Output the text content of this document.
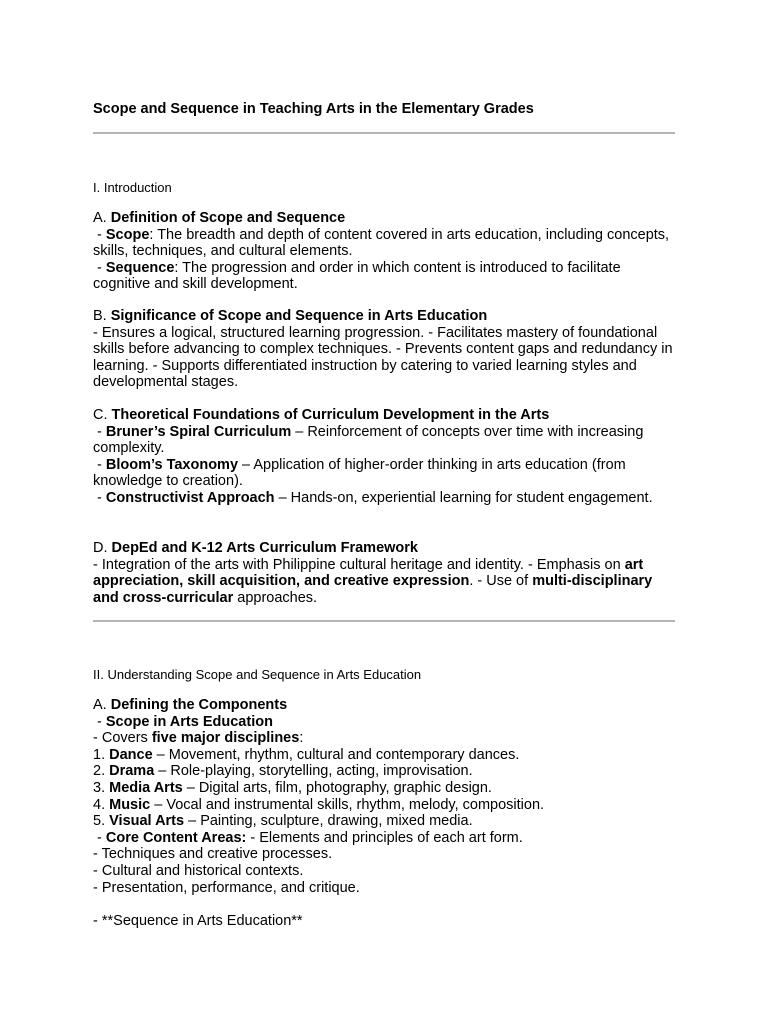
Scope and Sequence in Teaching Arts in the Elementary Grades
I. Introduction

A. Definition of Scope and Sequence

- Scope: The breadth and depth of content covered in arts education, including concepts, skills, techniques, and cultural elements.

- Sequence: The progression and order in which content is introduced to facilitate cognitive and skill development.

B. Significance of Scope and Sequence in Arts Education

- Ensures a logical, structured learning progression. - Facilitates mastery of foundational skills before advancing to complex techniques. - Prevents content gaps and redundancy in learning. - Supports differentiated instruction by catering to varied learning styles and developmental stages.

C. Theoretical Foundations of Curriculum Development in the Arts

- Bruner’s Spiral Curriculum – Reinforcement of concepts over time with increasing complexity.

- Bloom’s Taxonomy – Application of higher-order thinking in arts education (from knowledge to creation).

- Constructivist Approach – Hands-on, experiential learning for student engagement.

D. DepEd and K-12 Arts Curriculum Framework

- Integration of the arts with Philippine cultural heritage and identity. - Emphasis on art appreciation, skill acquisition, and creative expression. - Use of multi-disciplinary and cross-curricular approaches.

II. Understanding Scope and Sequence in Arts Education

A. Defining the Components

- Scope in Arts Education

- Covers five major disciplines:

1. Dance – Movement, rhythm, cultural and contemporary dances.

2. Drama – Role-playing, storytelling, acting, improvisation.

3. Media Arts – Digital arts, film, photography, graphic design.

4. Music – Vocal and instrumental skills, rhythm, melody, composition.

5. Visual Arts – Painting, sculpture, drawing, mixed media.

- Core Content Areas: - Elements and principles of each art form.

- Techniques and creative processes.

- Cultural and historical contexts.

- Presentation, performance, and critique.

- **Sequence in Arts Education**
